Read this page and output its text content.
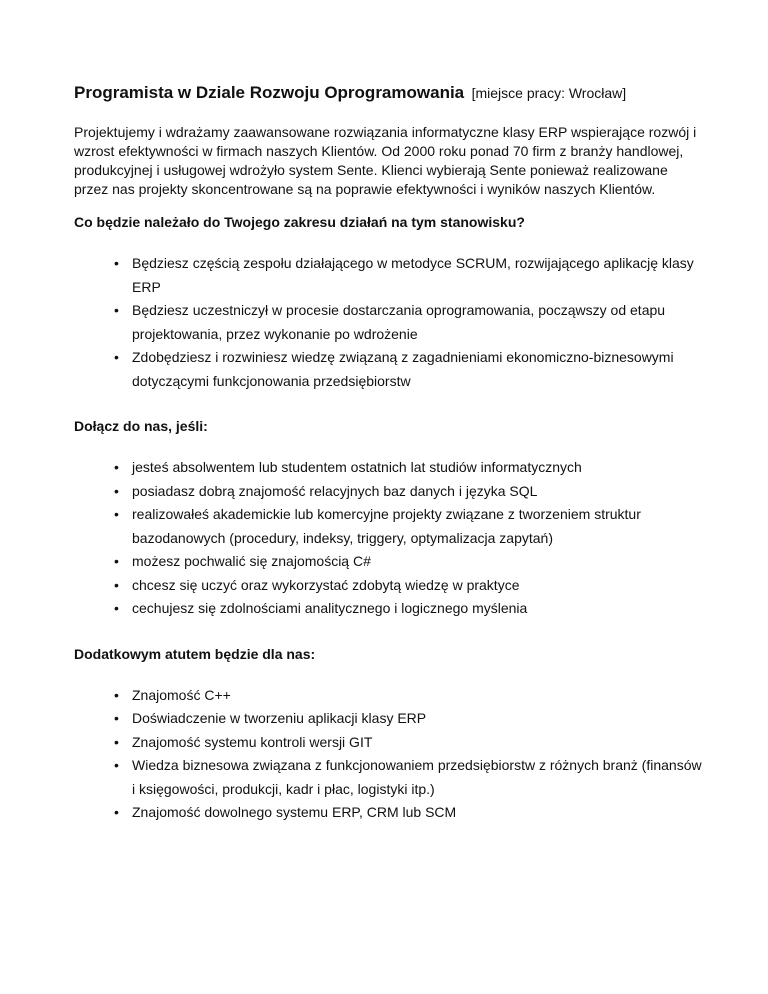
Programista w Dziale Rozwoju Oprogramowania [miejsce pracy: Wrocław]

Projektujemy i wdrażamy zaawansowane rozwiązania informatyczne klasy ERP wspierające rozwój i wzrost efektywności w firmach naszych Klientów. Od 2000 roku ponad 70 firm z branży handlowej, produkcyjnej i usługowej wdrożyło system Sente. Klienci wybierają Sente ponieważ realizowane przez nas projekty skoncentrowane są na poprawie efektywności i wyników naszych Klientów.

Co będzie należało do Twojego zakresu działań na tym stanowisku?

• Będziesz częścią zespołu działającego w metodyce SCRUM, rozwijającego aplikację klasy ERP
• Będziesz uczestniczył w procesie dostarczania oprogramowania, począwszy od etapu projektowania, przez wykonanie po wdrożenie
• Zdobędziesz i rozwiniesz wiedzę związaną z zagadnieniami ekonomiczno-biznesowymi dotyczącymi funkcjonowania przedsiębiorstw

Dołącz do nas, jeśli:

• jesteś absolwentem lub studentem ostatnich lat studiów informatycznych
• posiadasz dobrą znajomość relacyjnych baz danych i języka SQL
• realizowałeś akademickie lub komercyjne projekty związane z tworzeniem struktur bazodanowych (procedury, indeksy, triggery, optymalizacja zapytań)
• możesz pochwalić się znajomością C#
• chcesz się uczyć oraz wykorzystać zdobytą wiedzę w praktyce
• cechujesz się zdolnościami analitycznego i logicznego myślenia

Dodatkowym atutem będzie dla nas:

• Znajomość C++
• Doświadczenie w tworzeniu aplikacji klasy ERP
• Znajomość systemu kontroli wersji GIT
• Wiedza biznesowa związana z funkcjonowaniem przedsiębiorstw z różnych branż (finansów i księgowości, produkcji, kadr i płac, logistyki itp.)
• Znajomość dowolnego systemu ERP, CRM lub SCM
